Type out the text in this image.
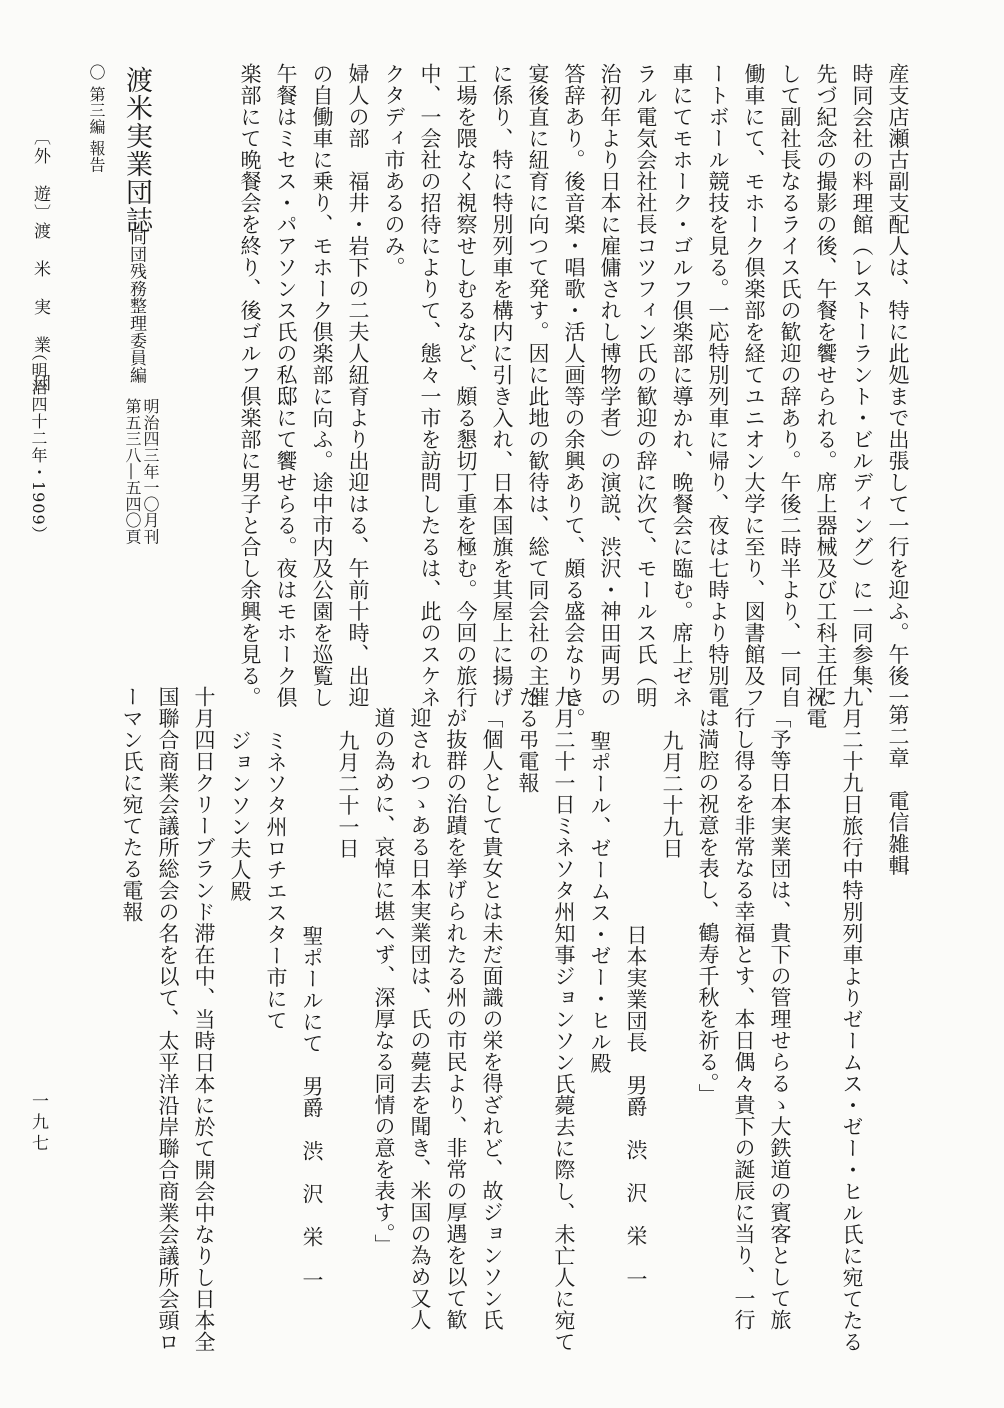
〔外　遊〕
渡　米　実　業　団
（明治四十二年・1909）
一九七
産支店瀬古副支配人は、特に此処まで出張して一行を迎ふ。午後一
時同会社の料理館（レストーラント・ビルディング）に一同参集、
先づ紀念の撮影の後、午餐を饗せられる。席上器械及び工科主任に
して副社長なるライス氏の歓迎の辞あり。午後二時半より、一同自
働車にて、モホーク倶楽部を経てユニオン大学に至り、図書館及フ
ートボール競技を見る。一応特別列車に帰り、夜は七時より特別電
車にてモホーク・ゴルフ倶楽部に導かれ、晩餐会に臨む。席上ゼネ
ラル電気会社社長コツフィン氏の歓迎の辞に次て、モールス氏（明
治初年より日本に雇傭されし博物学者）の演説、渋沢・神田両男の
答辞あり。後音楽・唱歌・活人画等の余興ありて、頗る盛会なりき。
宴後直に紐育に向つて発す。因に此地の歓待は、総て同会社の主催
に係り、特に特別列車を構内に引き入れ、日本国旗を其屋上に揚げ
工場を隈なく視察せしむるなど、頗る懇切丁重を極む。今回の旅行
中、一会社の招待によりて、態々一市を訪問したるは、此のスケネ
クタディ市あるのみ。
婦人の部　福井・岩下の二夫人紐育より出迎はる、午前十時、出迎
の自働車に乗り、モホーク倶楽部に向ふ。途中市内及公園を巡覧し
午餐はミセス・パアソンス氏の私邸にて饗せらる。夜はモホーク倶
楽部にて晩餐会を終り、後ゴルフ倶楽部に男子と合し余興を見る。
渡米実業団誌
同団残務整理委員編
第五三八―五四〇頁 明治四三年一〇月刊
〇 第三編 報告
第二章　電信雑輯
九月二十九日旅行中特別列車よりゼームス・ゼー・ヒル氏に宛てたる
祝電
「予等日本実業団は、貴下の管理せらるゝ大鉄道の賓客として旅
行し得るを非常なる幸福とす、本日偶々貴下の誕辰に当り、一行
は満腔の祝意を表し、鶴寿千秋を祈る。」
九月二十九日
日本実業団長　男爵　渋　沢　栄　一
聖ポール、ゼームス・ゼー・ヒル殿
九月二十一日ミネソタ州知事ジョンソン氏薨去に際し、未亡人に宛て
たる弔電報
「個人として貴女とは未だ面識の栄を得ざれど、故ジョンソン氏
が抜群の治蹟を挙げられたる州の市民より、非常の厚遇を以て歓
迎されつゝある日本実業団は、氏の薨去を聞き、米国の為め又人
道の為めに、哀悼に堪へず、深厚なる同情の意を表す。」
九月二十一日
聖ポールにて　男爵　渋　沢　栄　一
ミネソタ州ロチエスター市にて
ジョンソン夫人殿
十月四日クリーブランド滞在中、当時日本に於て開会中なりし日本全
国聯合商業会議所総会の名を以て、太平洋沿岸聯合商業会議所会頭ロ
ーマン氏に宛てたる電報
